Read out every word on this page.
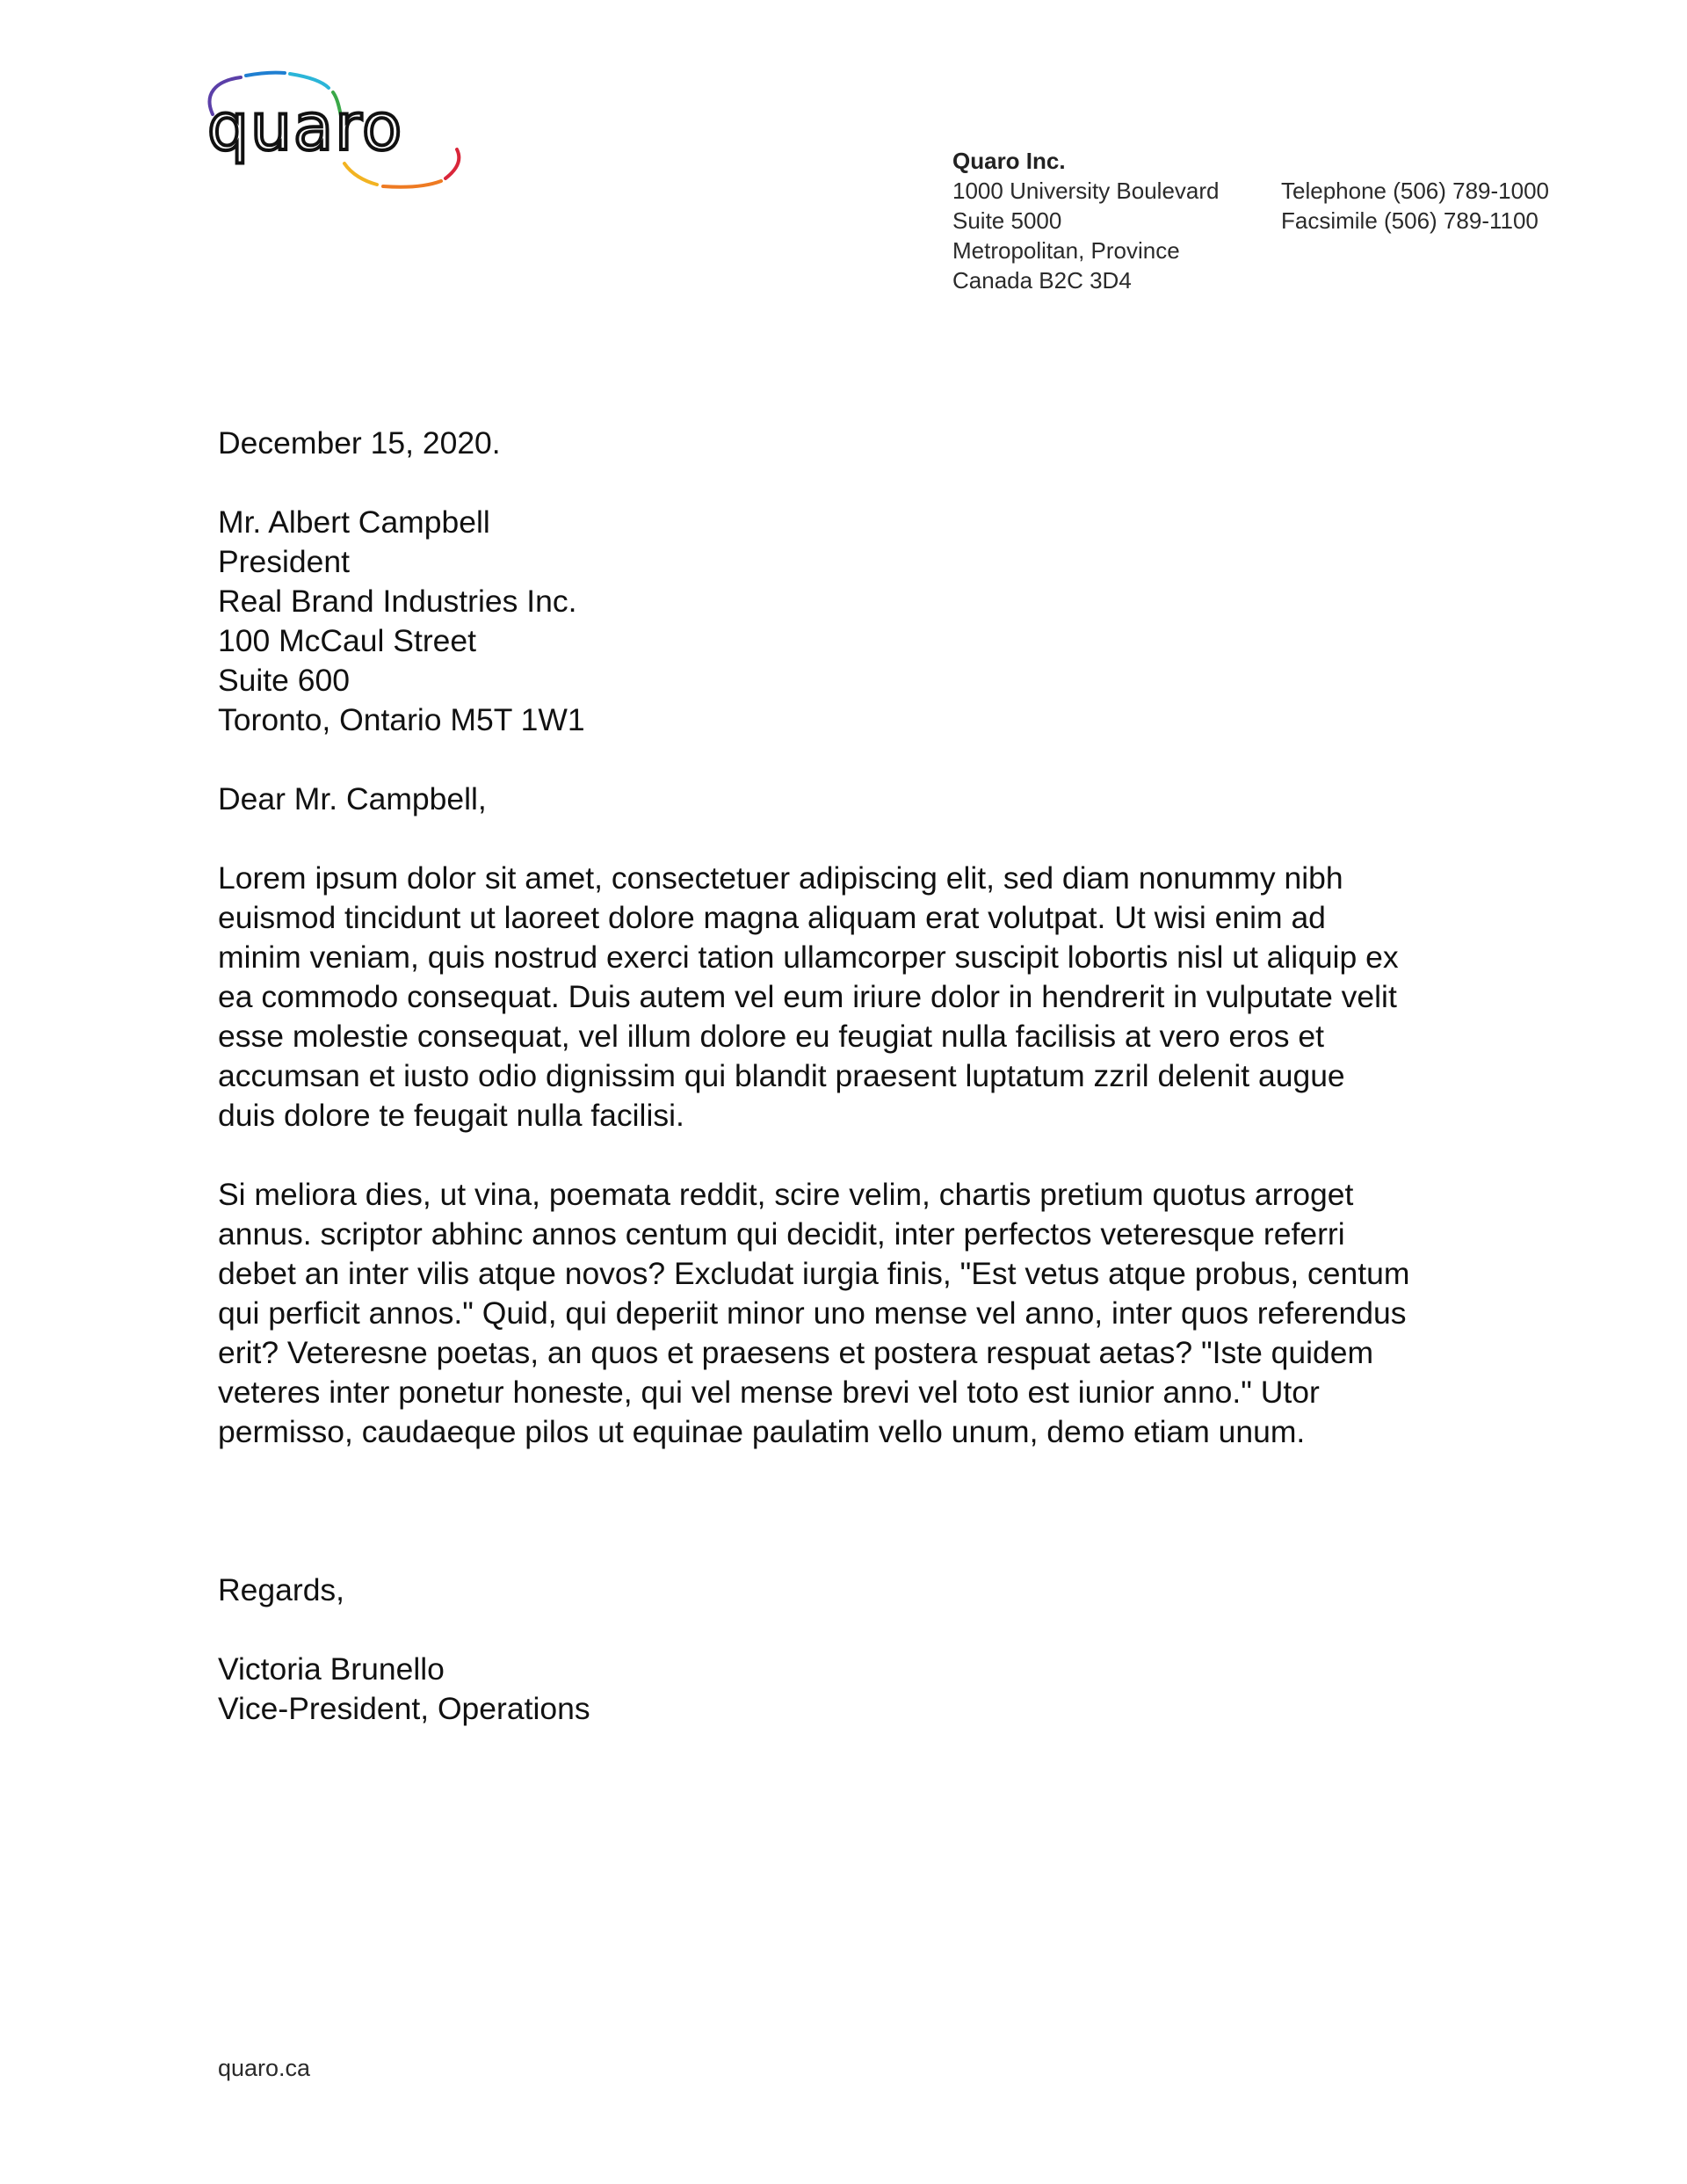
quaro	Quaro Inc.
1000 University Boulevard
Suite 5000
Metropolitan, Province
Canada B2C 3D4
Telephone (506) 789-1000
Facsimile (506) 789-1100
December 15, 2020.
Mr. Albert Campbell
President
Real Brand Industries Inc.
100 McCaul Street
Suite 600
Toronto, Ontario M5T 1W1
Dear Mr. Campbell,
Lorem ipsum dolor sit amet, consectetuer adipiscing elit, sed diam nonummy nibh
euismod tincidunt ut laoreet dolore magna aliquam erat volutpat. Ut wisi enim ad
minim veniam, quis nostrud exerci tation ullamcorper suscipit lobortis nisl ut aliquip ex
ea commodo consequat. Duis autem vel eum iriure dolor in hendrerit in vulputate velit
esse molestie consequat, vel illum dolore eu feugiat nulla facilisis at vero eros et
accumsan et iusto odio dignissim qui blandit praesent luptatum zzril delenit augue
duis dolore te feugait nulla facilisi.
Si meliora dies, ut vina, poemata reddit, scire velim, chartis pretium quotus arroget
annus. scriptor abhinc annos centum qui decidit, inter perfectos veteresque referri
debet an inter vilis atque novos? Excludat iurgia finis, "Est vetus atque probus, centum
qui perficit annos." Quid, qui deperiit minor uno mense vel anno, inter quos referendus
erit? Veteresne poetas, an quos et praesens et postera respuat aetas? "Iste quidem
veteres inter ponetur honeste, qui vel mense brevi vel toto est iunior anno." Utor
permisso, caudaeque pilos ut equinae paulatim vello unum, demo etiam unum.
Regards,
Victoria Brunello
Vice-President, Operations
quaro.ca
